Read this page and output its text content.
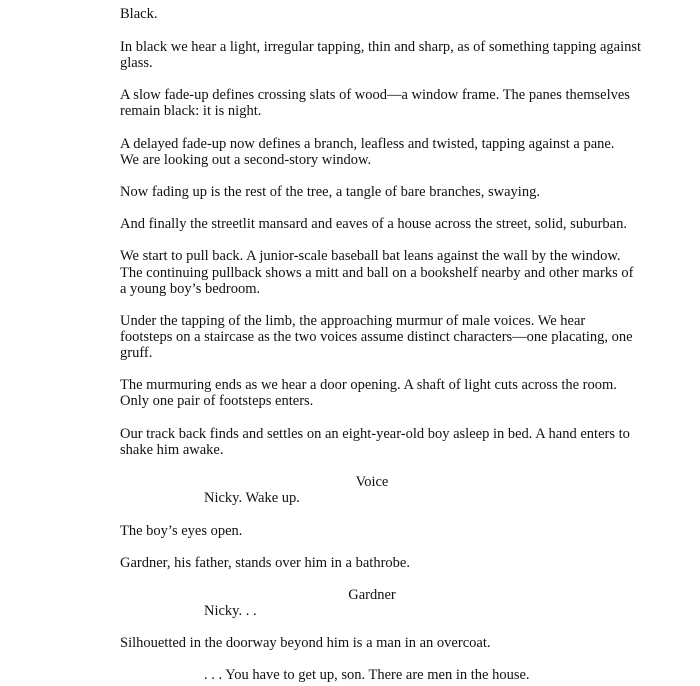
Black.
In black we hear a light, irregular tapping, thin and sharp, as of something tapping against
glass.
A slow fade-up defines crossing slats of wood—a window frame. The panes themselves
remain black: it is night.
A delayed fade-up now defines a branch, leafless and twisted, tapping against a pane.
We are looking out a second-story window.
Now fading up is the rest of the tree, a tangle of bare branches, swaying.
And finally the streetlit mansard and eaves of a house across the street, solid, suburban.
We start to pull back. A junior-scale baseball bat leans against the wall by the window.
The continuing pullback shows a mitt and ball on a bookshelf nearby and other marks of
a young boy’s bedroom.
Under the tapping of the limb, the approaching murmur of male voices. We hear
footsteps on a staircase as the two voices assume distinct characters—one placating, one
gruff.
The murmuring ends as we hear a door opening. A shaft of light cuts across the room.
Only one pair of footsteps enters.
Our track back finds and settles on an eight-year-old boy asleep in bed. A hand enters to
shake him awake.
Voice
Nicky. Wake up.
The boy’s eyes open.
Gardner, his father, stands over him in a bathrobe.
Gardner
Nicky. . .
Silhouetted in the doorway beyond him is a man in an overcoat.
. . . You have to get up, son. There are men in the house.
